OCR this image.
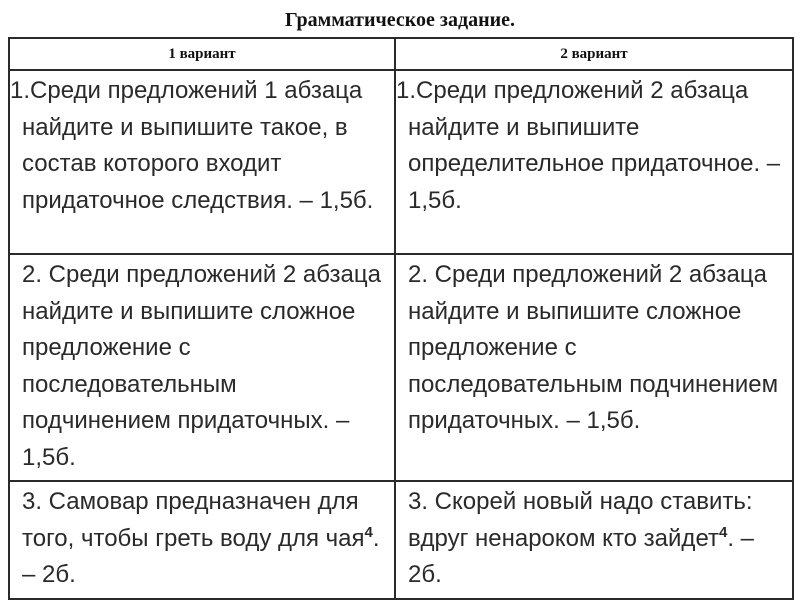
Грамматическое задание.
1 вариант	2 вариант

1.Среди предложений 1 абзаца найдите и выпишите такое, в состав которого входит придаточное следствия. – 1,5б.	1.Среди предложений 2 абзаца найдите и выпишите определительное придаточное. – 1,5б.

2. Среди предложений 2 абзаца найдите и выпишите сложное предложение с последовательным подчинением придаточных. – 1,5б.	2. Среди предложений 2 абзаца найдите и выпишите сложное предложение с последовательным подчинением придаточных. – 1,5б.
3. Самовар предназначен для того, чтобы греть воду для чая$^4$. – 2б.	3. Скорей новый надо ставить: вдруг ненароком кто зайдет$^4$. – 2б.
